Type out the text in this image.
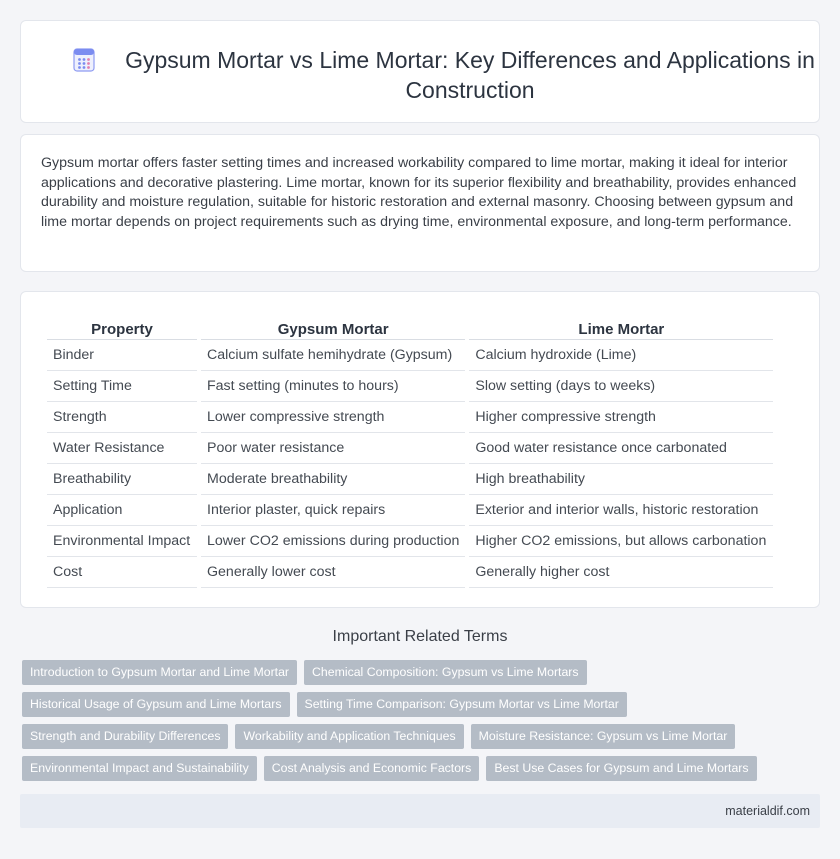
Gypsum Mortar vs Lime Mortar: Key Differences and Applications in Construction

Gypsum mortar offers faster setting times and increased workability compared to lime mortar, making it ideal for interior applications and decorative plastering. Lime mortar, known for its superior flexibility and breathability, provides enhanced durability and moisture regulation, suitable for historic restoration and external masonry. Choosing between gypsum and lime mortar depends on project requirements such as drying time, environmental exposure, and long-term performance.

Property	Gypsum Mortar	Lime Mortar
Binder	Calcium sulfate hemihydrate (Gypsum)	Calcium hydroxide (Lime)
Setting Time	Fast setting (minutes to hours)	Slow setting (days to weeks)
Strength	Lower compressive strength	Higher compressive strength
Water Resistance	Poor water resistance	Good water resistance once carbonated
Breathability	Moderate breathability	High breathability
Application	Interior plaster, quick repairs	Exterior and interior walls, historic restoration
Environmental Impact	Lower CO2 emissions during production	Higher CO2 emissions, but allows carbonation
Cost	Generally lower cost	Generally higher cost
Important Related Terms
Introduction to Gypsum Mortar and Lime Mortar	Chemical Composition: Gypsum vs Lime Mortars
Historical Usage of Gypsum and Lime Mortars	Setting Time Comparison: Gypsum Mortar vs Lime Mortar
Strength and Durability Differences	Workability and Application Techniques	Moisture Resistance: Gypsum vs Lime Mortar
Environmental Impact and Sustainability	Cost Analysis and Economic Factors	Best Use Cases for Gypsum and Lime Mortars
materialdif.com
